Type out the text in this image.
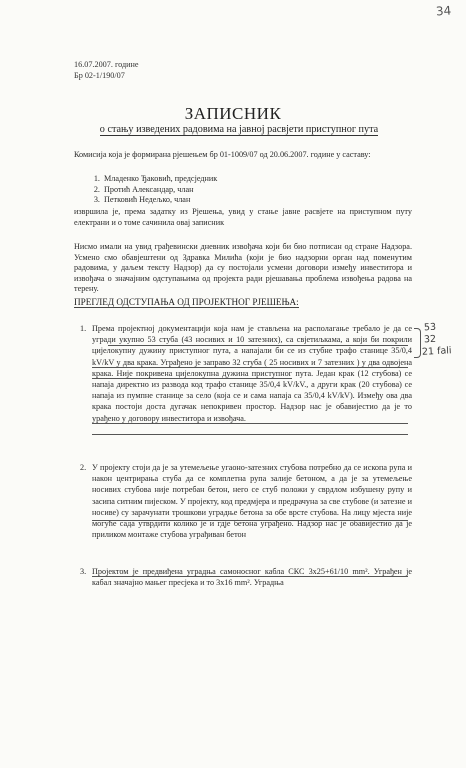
34
16.07.2007. године
Бр 02-1/190/07
ЗАПИСНИК
о стању изведених радовима на јавној расвјети приступног пута
Комисија која је формирана рјешењем бр 01-1009/07 од 20.06.2007. године у саставу:
1. Младенко Ђаковић, предсједник
2. Протић Александар, члан
3. Петковић Недељко, члан
извршила је, према задатку из Рјешења, увид у стање јавне расвјете на приступном путу електрани и о томе сачинила овај записник
Нисмо имали на увид грађевински дневник извођача који би био потписан од стране Надзора. Усмено смо обавјештени од Здравка Милића (који је био надзорни орган над поменутим радовима, у даљем тексту Надзор) да су постојали усмени договори између инвеститора и извођача о значајним одступањима од пројекта ради рјешавања проблема извођења радова на терену.
ПРЕГЛЕД ОДСТУПАЊА ОД ПРОЈЕКТНОГ РЈЕШЕЊА:
1. Према пројектној документацији која нам је стављена на располагање требало је да се угради укупно 53 стуба (43 носивих и 10 затезних), са свјетиљкама, а који би покрили цијелокупну дужину приступног пута, а напајали би се из стубне трафо станице 35/0,4 kV/kV у два крака. Уграђено је заправо 32 стуба ( 25 носивих и 7 затезних ) у два одвојена крака. Није покривена цијелокупна дужина приступног пута. Један крак (12 стубова) се напаја директно из развода код трафо станице 35/0,4 kV/kV., а други крак (20 стубова) се напаја из пумпне станице за село (која се и сама напаја са 35/0,4 kV/kV). Између ова два крака постоји доста дугачак непокривен простор. Надзор нас је обавијестио да је то урађено у договору инвеститора и извођача.

2. У пројекту стоји да је за утемељење угаоно-затезних стубова потребно да се ископа рупа и након центрирања стуба да се комплетна рупа залије бетоном, а да је за утемељење носивих стубова није потребан бетон, него се стуб положи у сврдлом избушену рупу и засипа ситним пијеском. У пројекту, код предмјера и предрачуна за све стубове (и затезне и носиве) су зарачунати трошкови уградње бетона за обе врсте стубова. На лицу мјеста није могуће сада утврдити колико је и гдје бетона уграђено. Надзор нас је обавијестио да је приликом монтаже стубова уграђиван бетон

3. Пројектом је предвиђена уградња самоносног кабла СКС 3x25+61/10 mm². Уграђен је кабал значајно мањег пресјека и то 3x16 mm². Уградња

53
32
21 fali
